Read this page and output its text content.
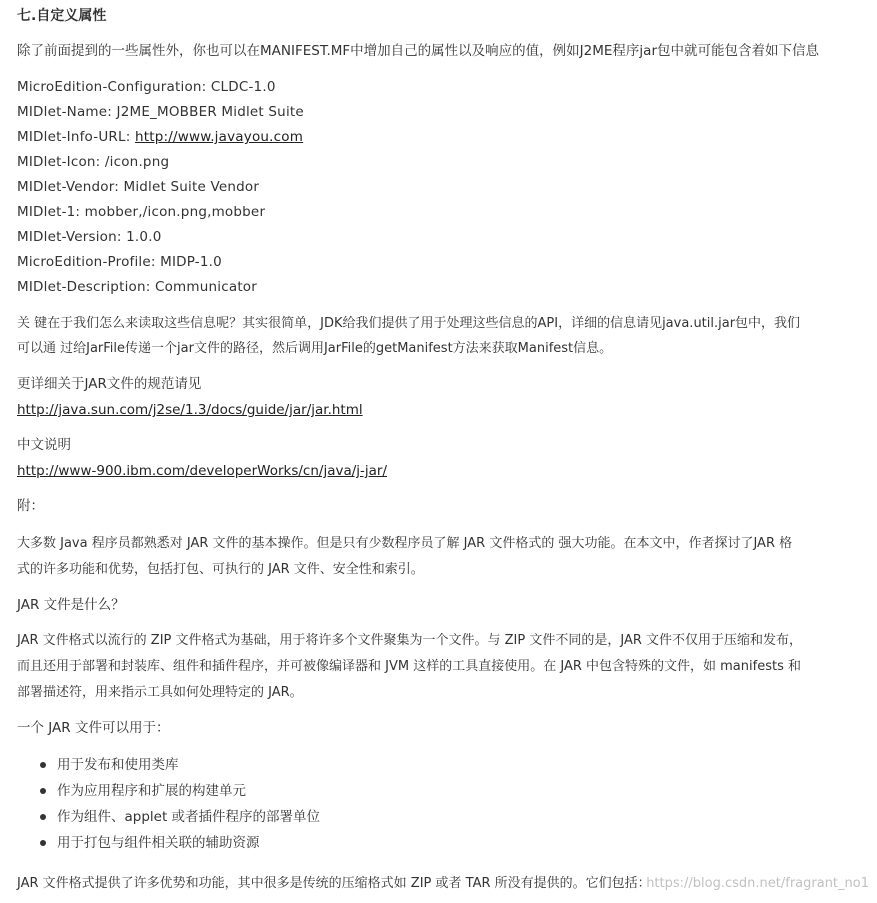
七.自定义属性
除了前面提到的一些属性外，你也可以在MANIFEST.MF中增加自己的属性以及响应的值，例如J2ME程序jar包中就可能包含着如下信息
MicroEdition-Configuration: CLDC-1.0
MIDlet-Name: J2ME_MOBBER Midlet Suite
MIDlet-Info-URL: http://www.javayou.com
MIDlet-Icon: /icon.png
MIDlet-Vendor: Midlet Suite Vendor
MIDlet-1: mobber,/icon.png,mobber
MIDlet-Version: 1.0.0
MicroEdition-Profile: MIDP-1.0
MIDlet-Description: Communicator
关 键在于我们怎么来读取这些信息呢？其实很简单，JDK给我们提供了用于处理这些信息的API，详细的信息请见java.util.jar包中，我们
可以通 过给JarFile传递一个jar文件的路径，然后调用JarFile的getManifest方法来获取Manifest信息。
更详细关于JAR文件的规范请见
http://java.sun.com/j2se/1.3/docs/guide/jar/jar.html
中文说明
http://www-900.ibm.com/developerWorks/cn/java/j-jar/
附：
大多数 Java 程序员都熟悉对 JAR 文件的基本操作。但是只有少数程序员了解 JAR 文件格式的 强大功能。在本文中，作者探讨了JAR 格
式的许多功能和优势，包括打包、可执行的 JAR 文件、安全性和索引。
JAR 文件是什么？
JAR 文件格式以流行的 ZIP 文件格式为基础，用于将许多个文件聚集为一个文件。与 ZIP 文件不同的是，JAR 文件不仅用于压缩和发布，
而且还用于部署和封装库、组件和插件程序，并可被像编译器和 JVM 这样的工具直接使用。在 JAR 中包含特殊的文件，如 manifests 和
部署描述符，用来指示工具如何处理特定的 JAR。
一个 JAR 文件可以用于：
用于发布和使用类库
作为应用程序和扩展的构建单元
作为组件、applet 或者插件程序的部署单位
用于打包与组件相关联的辅助资源
JAR 文件格式提供了许多优势和功能，其中很多是传统的压缩格式如 ZIP 或者 TAR 所没有提供的。它们包括：
https://blog.csdn.net/fragrant_no1
